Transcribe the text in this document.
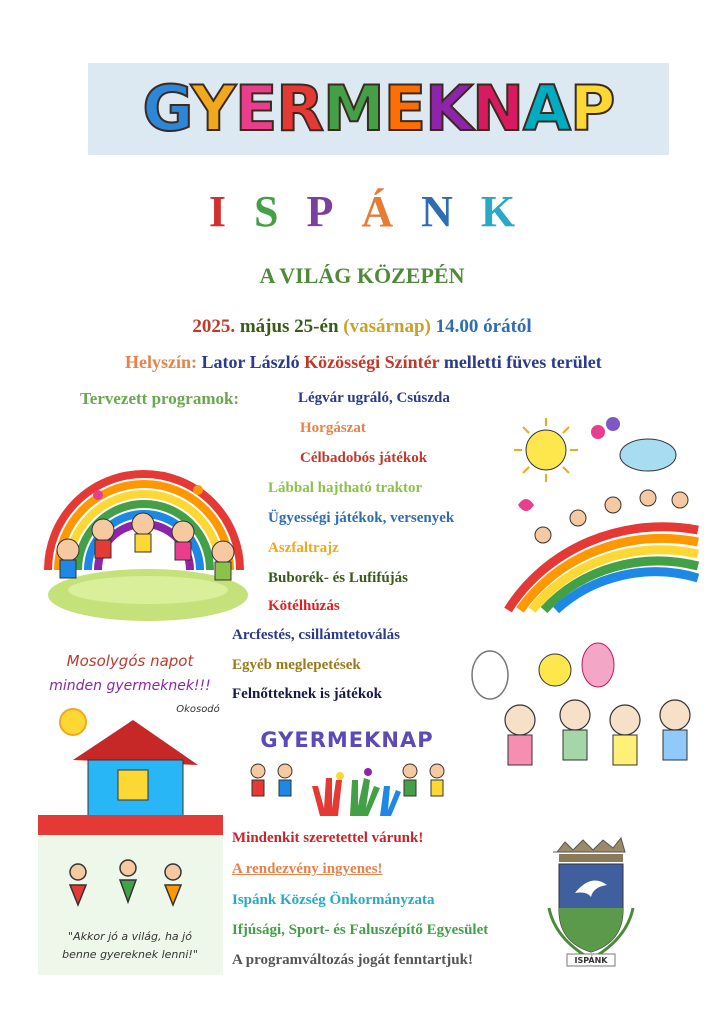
GYERMEKNAP
I S P Á N K
A VILÁG KÖZEPÉN
2025. május 25-én (vasárnap) 14.00 órától
Helyszín: Lator László Közösségi Színtér melletti füves terület
Tervezett programok:	Légvár ugráló, Csúszda
Horgászat
Célbadobós játékok
Lábbal hajtható traktor
Ügyességi játékok, versenyek
Aszfaltrajz
Buborék- és Lufifújás
Kötélhúzás
Arcfestés, csillámtetoválás
Egyéb meglepetések
Felnőtteknek is játékok
Mindenkit szeretettel várunk!
A rendezvény ingyenes!
Ispánk Község Önkormányzata
Ifjúsági, Sport- és Faluszépítő Egyesület
A programváltozás jogát fenntartjuk!
Mosolygós napot
minden gyermeknek!!!
Okosodó
"Akkor jó a világ, ha jó
benne gyereknek lenni!"
GYERMEKNAP
ISPÁNK
